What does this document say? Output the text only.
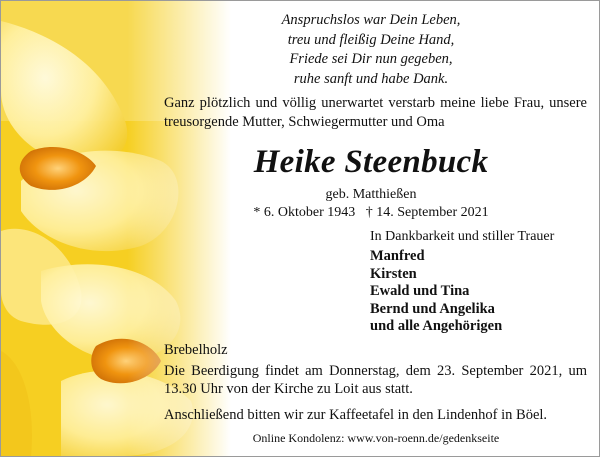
Anspruchslos war Dein Leben,
treu und fleißig Deine Hand,
Friede sei Dir nun gegeben,
ruhe sanft und habe Dank.
Ganz plötzlich und völlig unerwartet verstarb meine liebe Frau, unsere treusorgende Mutter, Schwiegermutter und Oma
Heike Steenbuck
geb. Matthießen
* 6. Oktober 1943   † 14. September 2021
In Dankbarkeit und stiller Trauer
Manfred
Kirsten
Ewald und Tina
Bernd und Angelika
und alle Angehörigen
Brebelholz
Die Beerdigung findet am Donnerstag, dem 23. September 2021, um 13.30 Uhr von der Kirche zu Loit aus statt.
Anschließend bitten wir zur Kaffeetafel in den Lindenhof in Böel.
Online Kondolenz: www.von-roenn.de/gedenkseite
